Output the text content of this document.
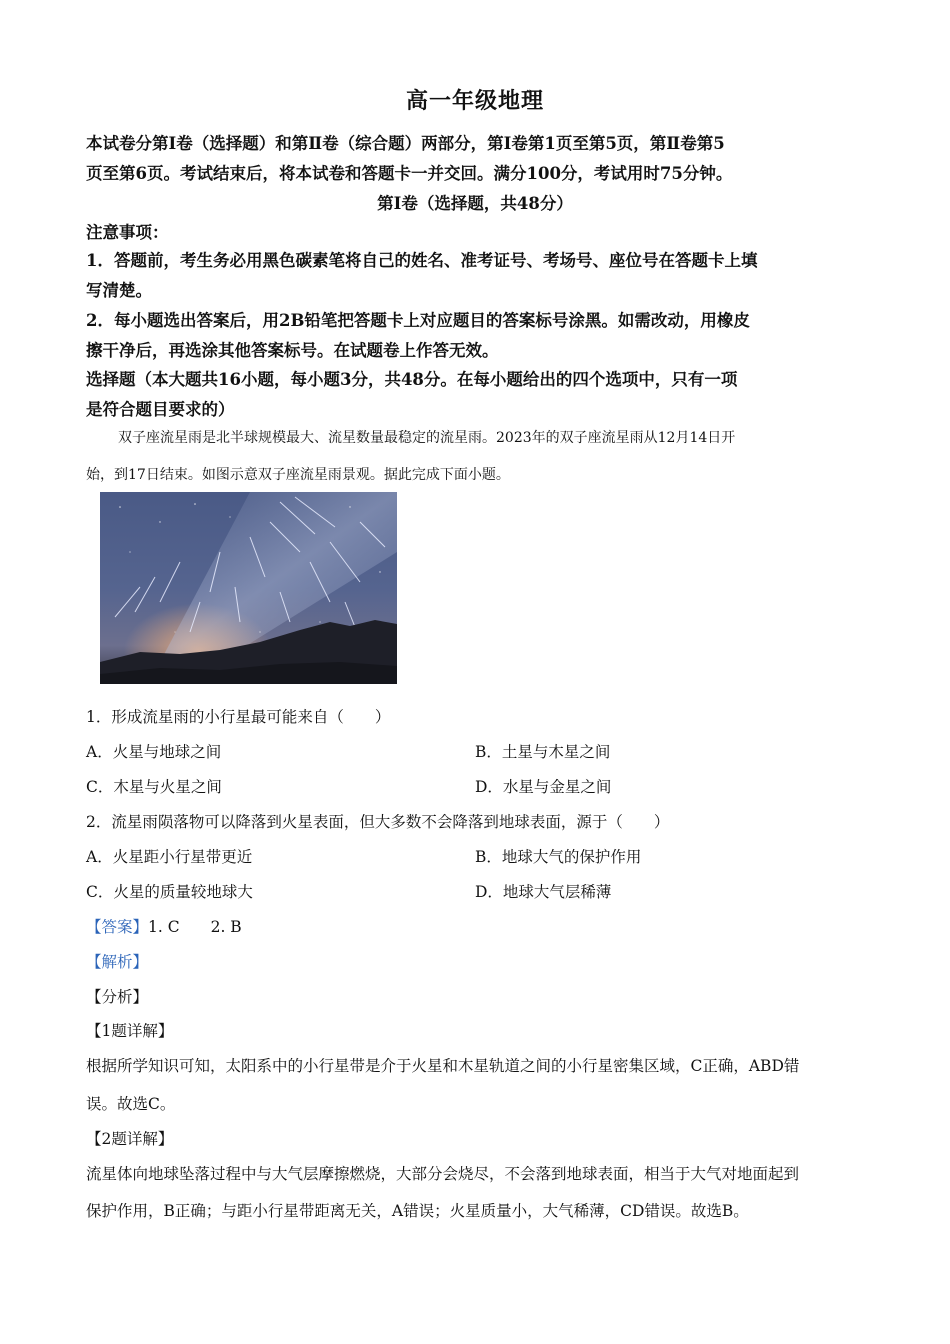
高一年级地理
本试卷分第Ⅰ卷（选择题）和第Ⅱ卷（综合题）两部分，第Ⅰ卷第1页至第5页，第Ⅱ卷第5
页至第6页。考试结束后，将本试卷和答题卡一并交回。满分100分，考试用时75分钟。
第Ⅰ卷（选择题，共48分）
注意事项：
1．答题前，考生务必用黑色碳素笔将自己的姓名、准考证号、考场号、座位号在答题卡上填
写清楚。
2．每小题选出答案后，用2B铅笔把答题卡上对应题目的答案标号涂黑。如需改动，用橡皮
擦干净后，再选涂其他答案标号。在试题卷上作答无效。
选择题（本大题共16小题，每小题3分，共48分。在每小题给出的四个选项中，只有一项
是符合题目要求的）
双子座流星雨是北半球规模最大、流星数量最稳定的流星雨。2023年的双子座流星雨从12月14日开
始，到17日结束。如图示意双子座流星雨景观。据此完成下面小题。
1．形成流星雨的小行星最可能来自（　　）
A．火星与地球之间	B．土星与木星之间
C．木星与火星之间	D．水星与金星之间
2．流星雨陨落物可以降落到火星表面，但大多数不会降落到地球表面，源于（　　）
A．火星距小行星带更近	B．地球大气的保护作用
C．火星的质量较地球大	D．地球大气层稀薄
【答案】1. C　　2. B
【解析】
【分析】
【1题详解】
根据所学知识可知，太阳系中的小行星带是介于火星和木星轨道之间的小行星密集区域，C正确，ABD错
误。故选C。
【2题详解】
流星体向地球坠落过程中与大气层摩擦燃烧，大部分会烧尽，不会落到地球表面，相当于大气对地面起到
保护作用，B正确；与距小行星带距离无关，A错误；火星质量小，大气稀薄，CD错误。故选B。
